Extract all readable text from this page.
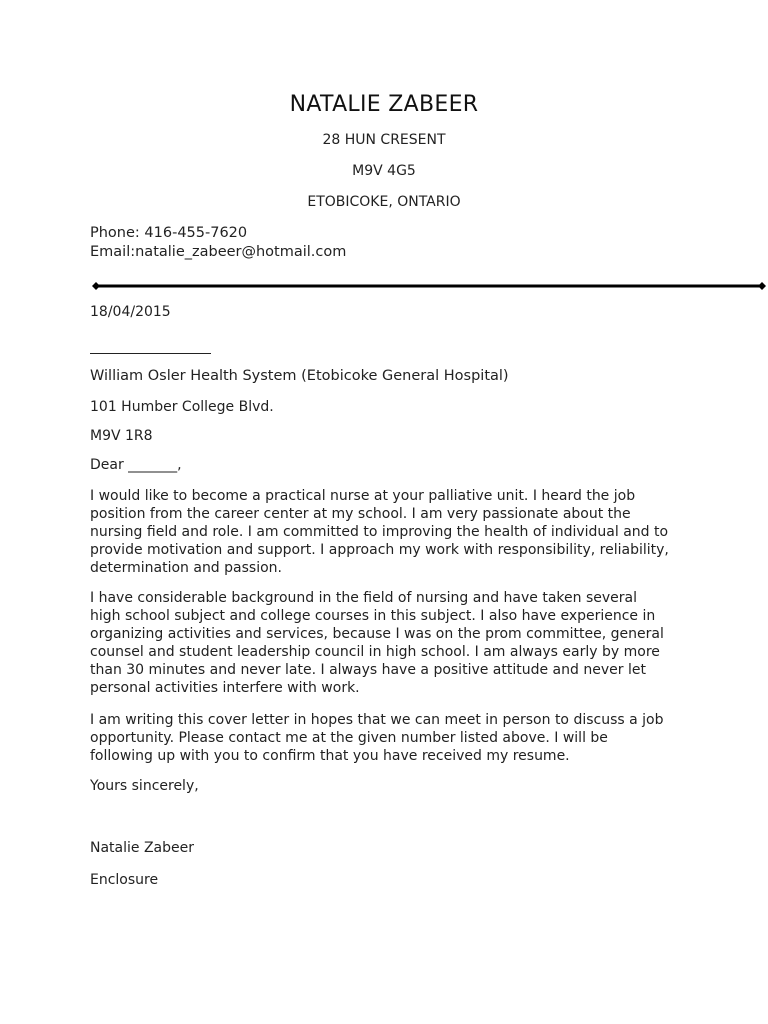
NATALIE ZABEER
28 HUN CRESENT
M9V 4G5
ETOBICOKE, ONTARIO
Phone: 416-455-7620
Email:natalie_zabeer@hotmail.com
18/04/2015
William Osler Health System (Etobicoke General Hospital)
101 Humber College Blvd.
M9V 1R8
Dear _______,
I would like to become a practical nurse at your palliative unit. I heard the job position from the career center at my school. I am very passionate about the nursing field and role. I am committed to improving the health of individual and to provide motivation and support. I approach my work with responsibility, reliability, determination and passion.
I have considerable background in the field of nursing and have taken several high school subject and college courses in this subject. I also have experience in organizing activities and services, because I was on the prom committee, general counsel and student leadership council in high school. I am always early by more than 30 minutes and never late. I always have a positive attitude and never let personal activities interfere with work.
I am writing this cover letter in hopes that we can meet in person to discuss a job opportunity. Please contact me at the given number listed above. I will be following up with you to confirm that you have received my resume.
Yours sincerely,
Natalie Zabeer
Enclosure
